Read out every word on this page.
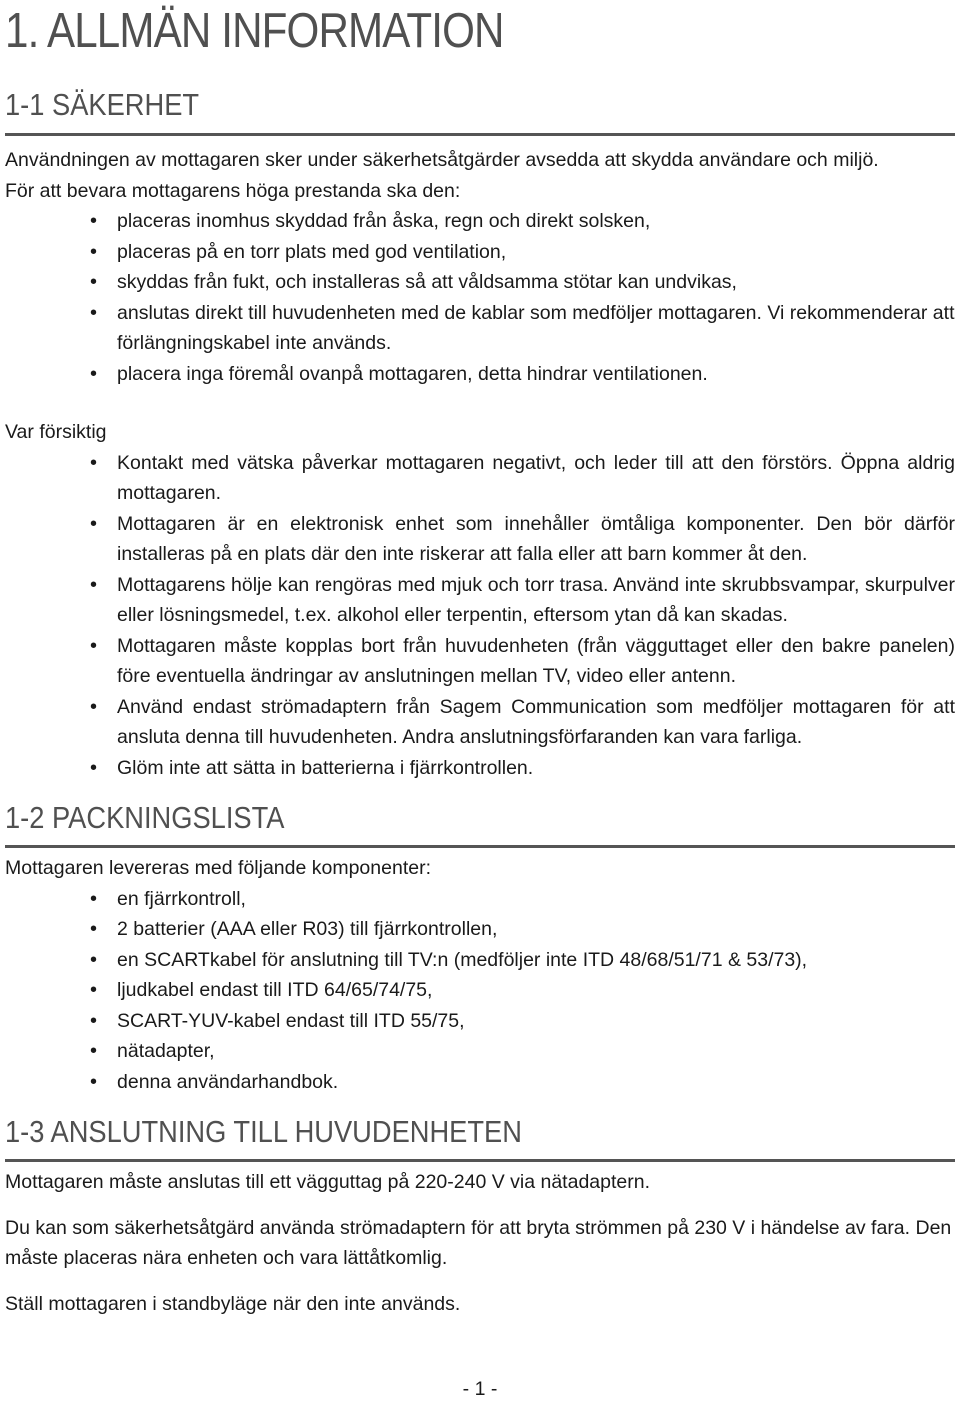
1. ALLMÄN INFORMATION
1-1 SÄKERHET

Användningen av mottagaren sker under säkerhetsåtgärder avsedda att skydda användare och miljö.

För att bevara mottagarens höga prestanda ska den:

• placeras inomhus skyddad från åska, regn och direkt solsken,
• placeras på en torr plats med god ventilation,
• skyddas från fukt, och installeras så att våldsamma stötar kan undvikas,
• anslutas direkt till huvudenheten med de kablar som medföljer mottagaren. Vi rekommenderar att förlängningskabel inte används.
• placera inga föremål ovanpå mottagaren, detta hindrar ventilationen.

Var försiktig

• Kontakt med vätska påverkar mottagaren negativt, och leder till att den förstörs. Öppna aldrig mottagaren.
• Mottagaren är en elektronisk enhet som innehåller ömtåliga komponenter. Den bör därför installeras på en plats där den inte riskerar att falla eller att barn kommer åt den.
• Mottagarens hölje kan rengöras med mjuk och torr trasa. Använd inte skrubbsvampar, skurpulver eller lösningsmedel, t.ex. alkohol eller terpentin, eftersom ytan då kan skadas.
• Mottagaren måste kopplas bort från huvudenheten (från vägguttaget eller den bakre panelen) före eventuella ändringar av anslutningen mellan TV, video eller antenn.
• Använd endast strömadaptern från Sagem Communication som medföljer mottagaren för att ansluta denna till huvudenheten. Andra anslutningsförfaranden kan vara farliga.
• Glöm inte att sätta in batterierna i fjärrkontrollen.
1-2 PACKNINGSLISTA

Mottagaren levereras med följande komponenter:

• en fjärrkontroll,
• 2 batterier (AAA eller R03) till fjärrkontrollen,
• en SCARTkabel för anslutning till TV:n (medföljer inte ITD 48/68/51/71 & 53/73),
• ljudkabel endast till ITD 64/65/74/75,
• SCART-YUV-kabel endast till ITD 55/75,
• nätadapter,
• denna användarhandbok.
1-3 ANSLUTNING TILL HUVUDENHETEN

Mottagaren måste anslutas till ett vägguttag på 220-240 V via nätadaptern.

Du kan som säkerhetsåtgärd använda strömadaptern för att bryta strömmen på 230 V i händelse av fara. Den måste placeras nära enheten och vara lättåtkomlig.

Ställ mottagaren i standbyläge när den inte används.

- 1 -
